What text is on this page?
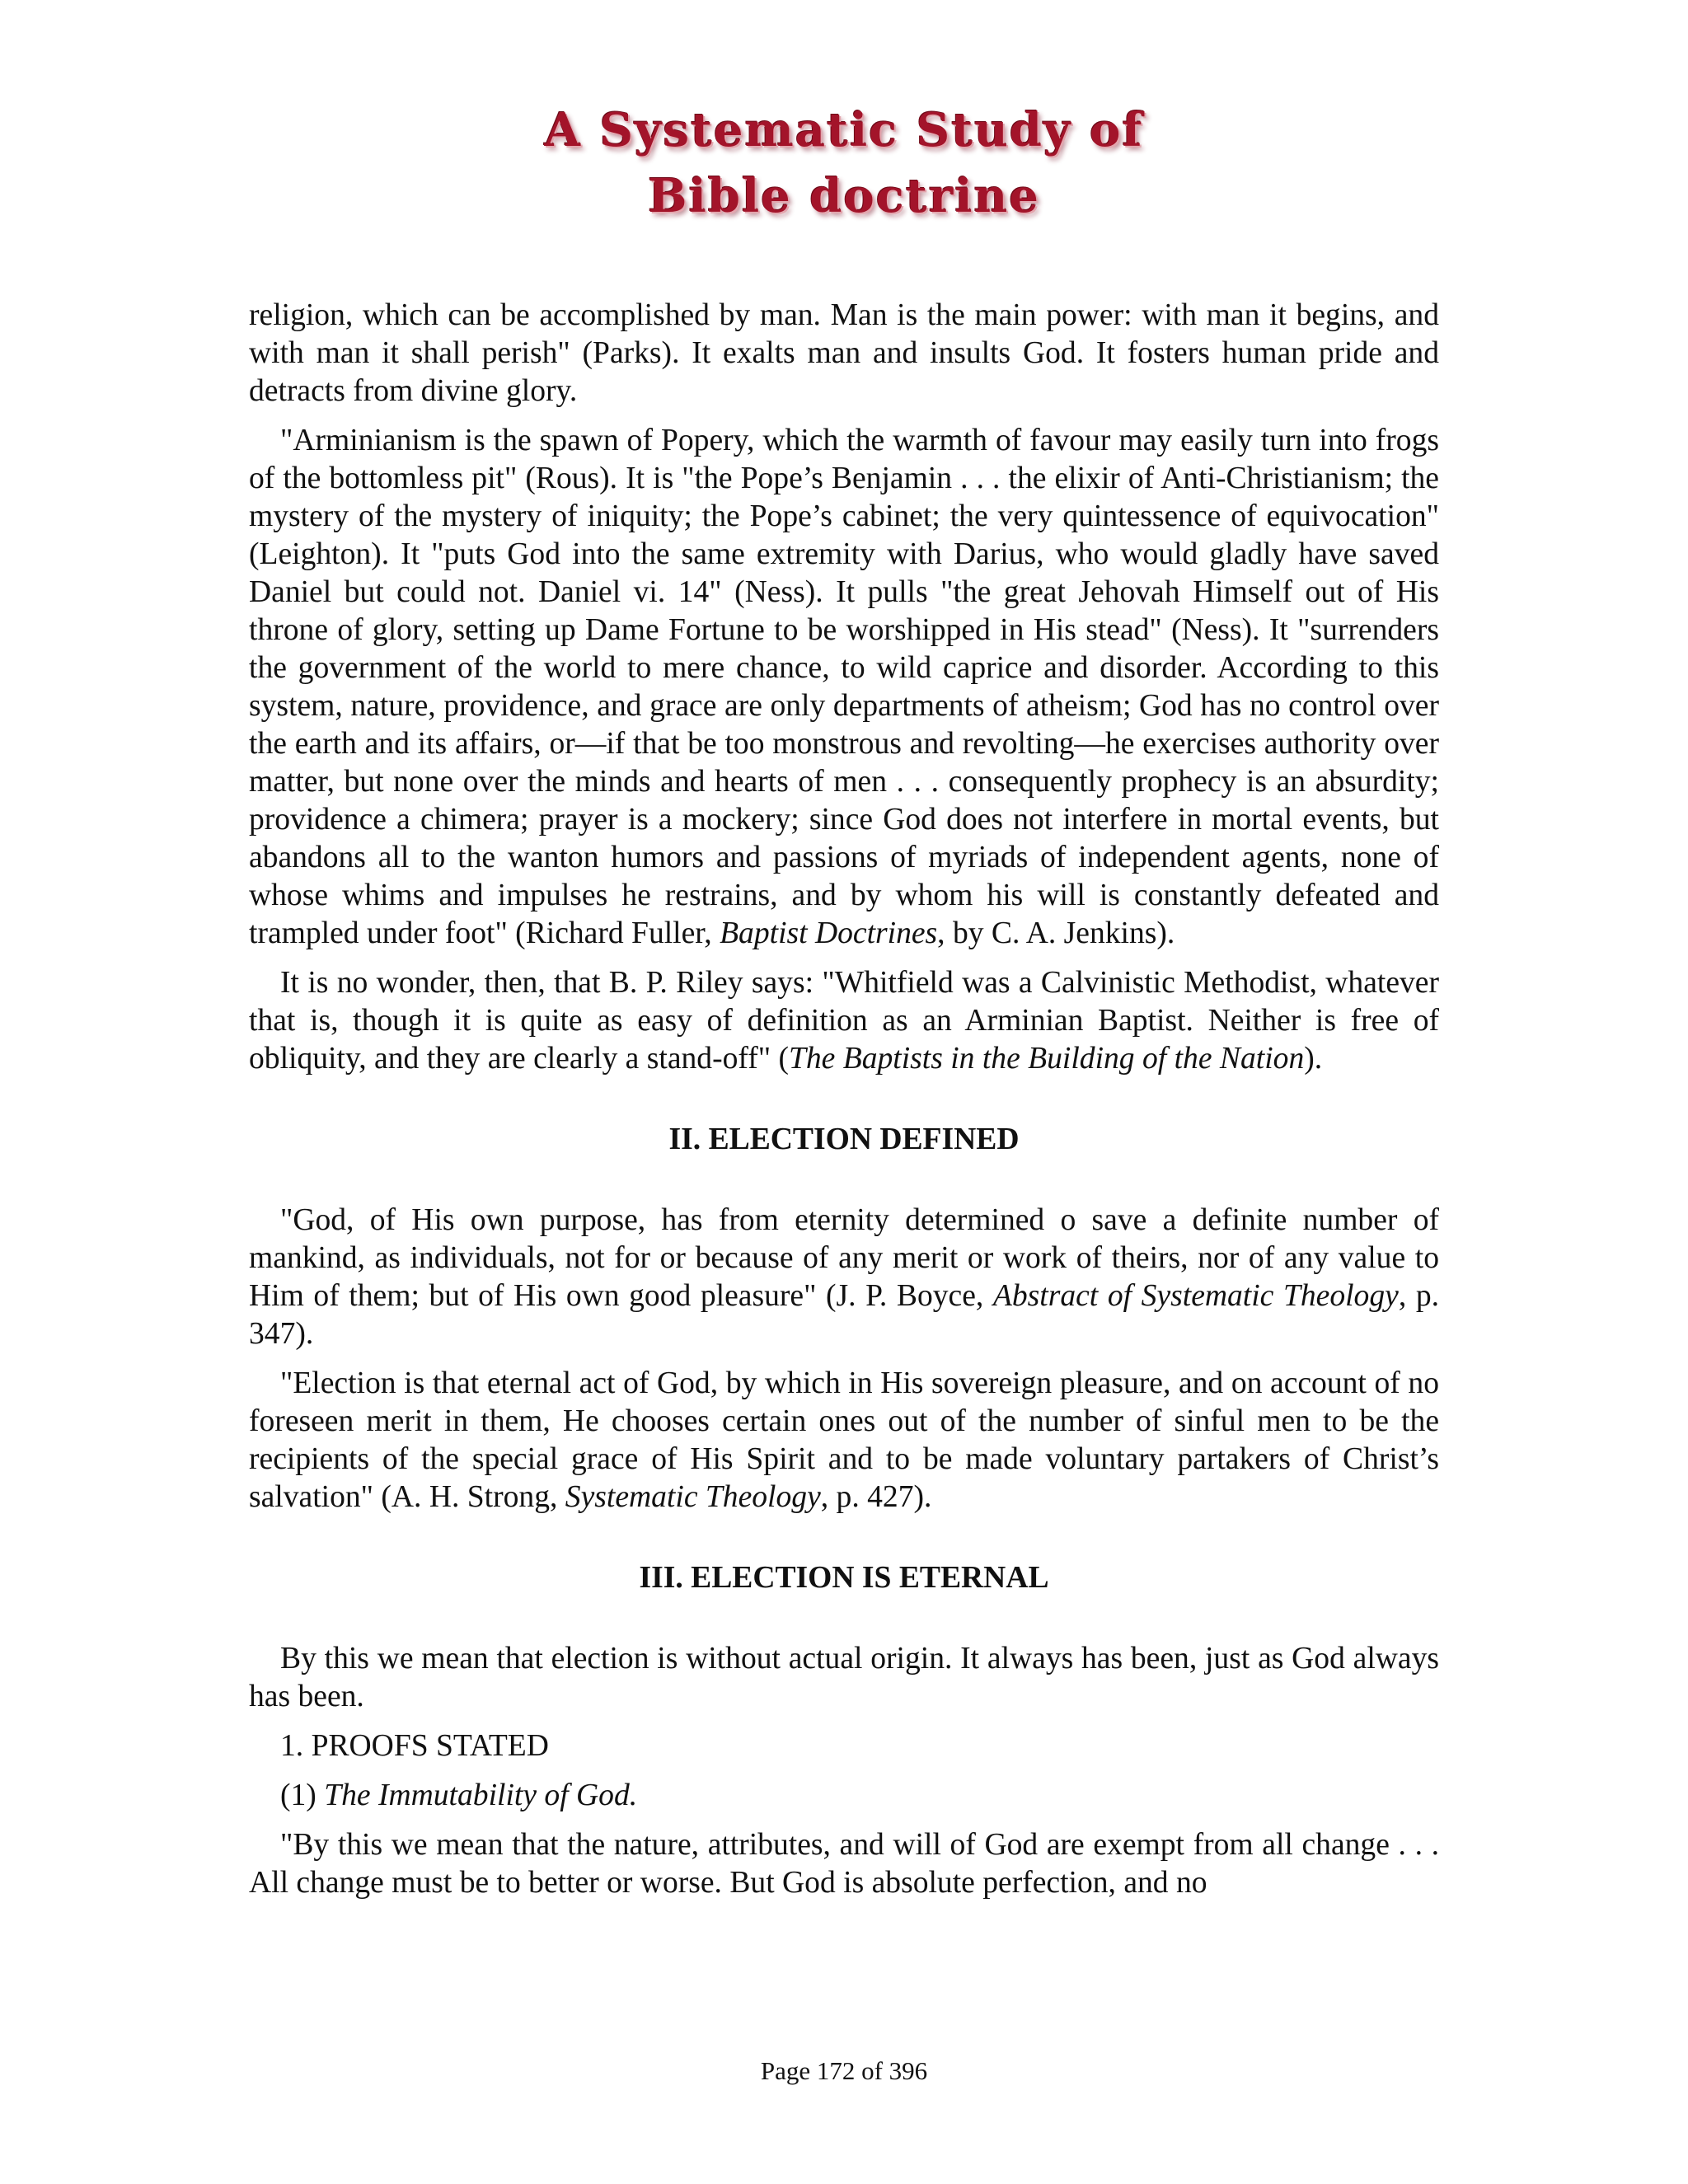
A Systematic Study of
Bible doctrine

religion, which can be accomplished by man. Man is the main power: with man it begins, and with man it shall perish" (Parks). It exalts man and insults God. It fosters human pride and detracts from divine glory.

"Arminianism is the spawn of Popery, which the warmth of favour may easily turn into frogs of the bottomless pit" (Rous). It is "the Pope’s Benjamin . . . the elixir of Anti-Christianism; the mystery of the mystery of iniquity; the Pope’s cabinet; the very quintessence of equivocation" (Leighton). It "puts God into the same extremity with Darius, who would gladly have saved Daniel but could not. Daniel vi. 14" (Ness). It pulls "the great Jehovah Himself out of His throne of glory, setting up Dame Fortune to be worshipped in His stead" (Ness). It "surrenders the government of the world to mere chance, to wild caprice and disorder. According to this system, nature, providence, and grace are only departments of atheism; God has no control over the earth and its affairs, or—if that be too monstrous and revolting—he exercises authority over matter, but none over the minds and hearts of men . . . consequently prophecy is an absurdity; providence a chimera; prayer is a mockery; since God does not interfere in mortal events, but abandons all to the wanton humors and passions of myriads of independent agents, none of whose whims and impulses he restrains, and by whom his will is constantly defeated and trampled under foot" (Richard Fuller, Baptist Doctrines, by C. A. Jenkins).

It is no wonder, then, that B. P. Riley says: "Whitfield was a Calvinistic Methodist, whatever that is, though it is quite as easy of definition as an Arminian Baptist. Neither is free of obliquity, and they are clearly a stand-off" (The Baptists in the Building of the Nation).

II. ELECTION DEFINED

"God, of His own purpose, has from eternity determined o save a definite number of mankind, as individuals, not for or because of any merit or work of theirs, nor of any value to Him of them; but of His own good pleasure" (J. P. Boyce, Abstract of Systematic Theology, p. 347).

"Election is that eternal act of God, by which in His sovereign pleasure, and on account of no foreseen merit in them, He chooses certain ones out of the number of sinful men to be the recipients of the special grace of His Spirit and to be made voluntary partakers of Christ’s salvation" (A. H. Strong, Systematic Theology, p. 427).

III. ELECTION IS ETERNAL

By this we mean that election is without actual origin. It always has been, just as God always has been.

1. PROOFS STATED

(1) The Immutability of God.

"By this we mean that the nature, attributes, and will of God are exempt from all change . . . All change must be to better or worse. But God is absolute perfection, and no

Page 172 of 396
